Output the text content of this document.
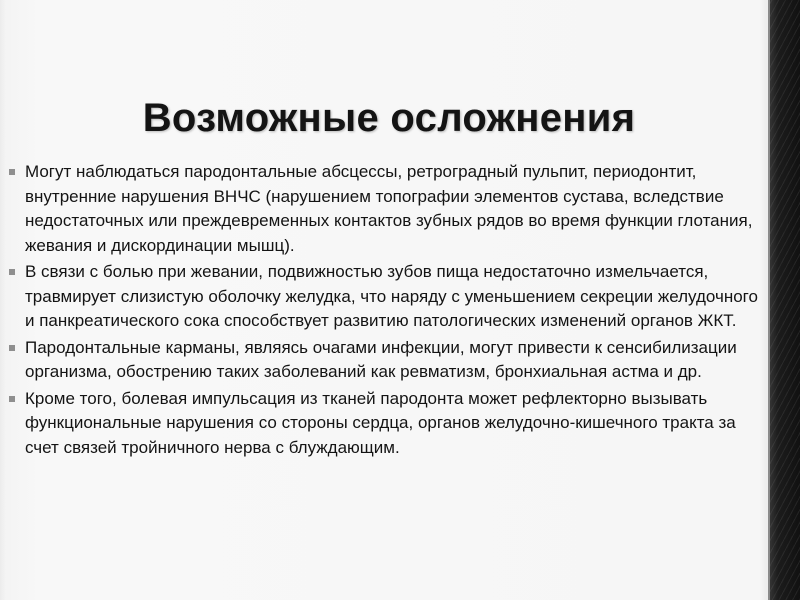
Возможные осложнения
Могут наблюдаться пародонтальные абсцессы, ретроградный пульпит, периодонтит, внутренние нарушения ВНЧС (нарушением топографии элементов сустава, вследствие недостаточных или преждевременных контактов зубных рядов во время функции глотания, жевания и дискординации мышц).
В связи с болью при жевании, подвижностью зубов пища недостаточно измельчается, травмирует слизистую оболочку желудка, что наряду с уменьшением секреции желудочного и панкреатического сока способствует развитию патологических изменений органов ЖКТ.
Пародонтальные карманы, являясь очагами инфекции, могут привести к сенсибилизации организма, обострению таких заболеваний как ревматизм, бронхиальная астма и др.
Кроме того, болевая импульсация из тканей пародонта может рефлекторно вызывать функциональные нарушения со стороны сердца, органов желудочно-кишечного тракта за счет связей тройничного нерва с блуждающим.
